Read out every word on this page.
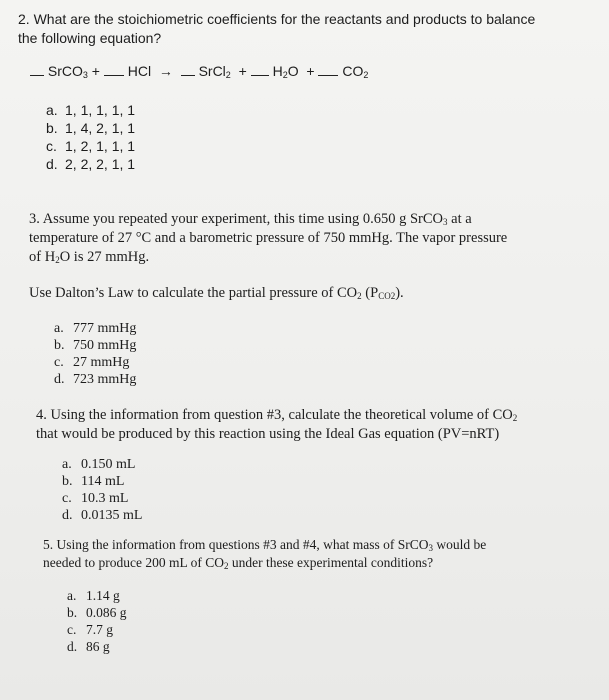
2. What are the stoichiometric coefficients for the reactants and products to balance
the following equation?
SrCO$_3$ + HCl → SrCl$_2$ + $H_2O + CO_2$
a. 1, 1, 1, 1, 1
b. 1, 4, 2, 1, 1
c. 1, 2, 1, 1, 1
d. 2, 2, 2, 1, 1
3. Assume you repeated your experiment, this time using 0.650 g SrCO$_3$ at a
temperature of 27 °C and a barometric pressure of 750 mmHg. The vapor pressure
of $H_2O$ is 27 mmHg.
Use Dalton’s Law to calculate the partial pressure of $CO_2$ $(P_{CO2})$.
a. 777 mmHg
b. 750 mmHg
c. 27 mmHg
d. 723 mmHg
4. Using the information from question #3, calculate the theoretical volume of $CO_2$
that would be produced by this reaction using the Ideal Gas equation (PV=nRT)
a. 0.150 mL
b. 114 mL
c. 10.3 mL
d. 0.0135 mL
5. Using the information from questions #3 and #4, what mass of SrCO$_3$ would be
needed to produce 200 mL of $CO_2$ under these experimental conditions?
a. 1.14 g
b. 0.086 g
c. 7.7 g
d. 86 g
